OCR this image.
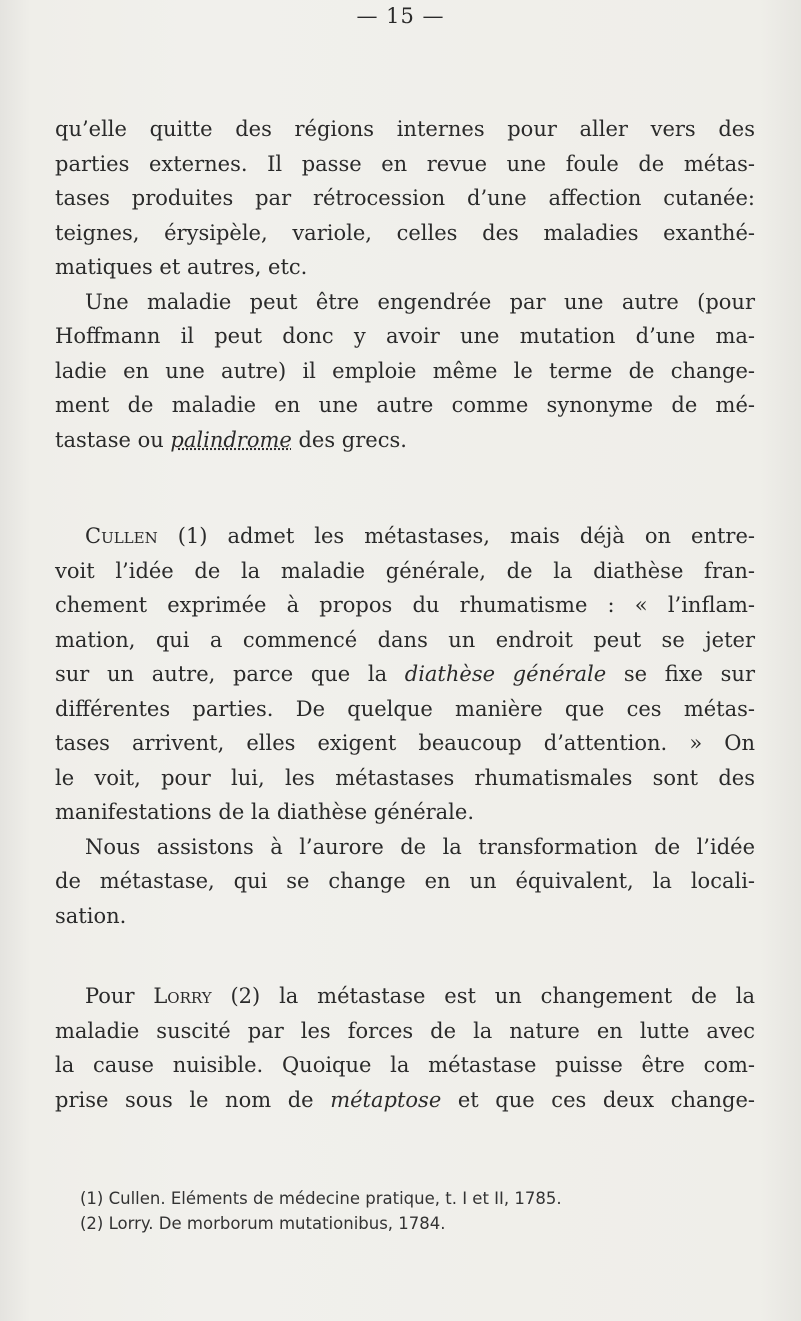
— 15 —
qu’elle quitte des régions internes pour aller vers des
parties externes. Il passe en revue une foule de métas-
tases produites par rétrocession d’une affection cutanée:
teignes, érysipèle, variole, celles des maladies exanthé-
matiques et autres, etc.
Une maladie peut être engendrée par une autre (pour
Hoffmann il peut donc y avoir une mutation d’une ma-
ladie en une autre) il emploie même le terme de change-
ment de maladie en une autre comme synonyme de mé-
tastase ou palindrome des grecs.
Cullen (1) admet les métastases, mais déjà on entre-
voit l’idée de la maladie générale, de la diathèse fran-
chement exprimée à propos du rhumatisme : « l’inflam-
mation, qui a commencé dans un endroit peut se jeter
sur un autre, parce que la diathèse générale se fixe sur
différentes parties. De quelque manière que ces métas-
tases arrivent, elles exigent beaucoup d’attention. » On
le voit, pour lui, les métastases rhumatismales sont des
manifestations de la diathèse générale.
Nous assistons à l’aurore de la transformation de l’idée
de métastase, qui se change en un équivalent, la locali-
sation.
Pour Lorry (2) la métastase est un changement de la
maladie suscité par les forces de la nature en lutte avec
la cause nuisible. Quoique la métastase puisse être com-
prise sous le nom de métaptose et que ces deux change-
(1) Cullen. Eléments de médecine pratique, t. I et II, 1785.
(2) Lorry. De morborum mutationibus, 1784.
